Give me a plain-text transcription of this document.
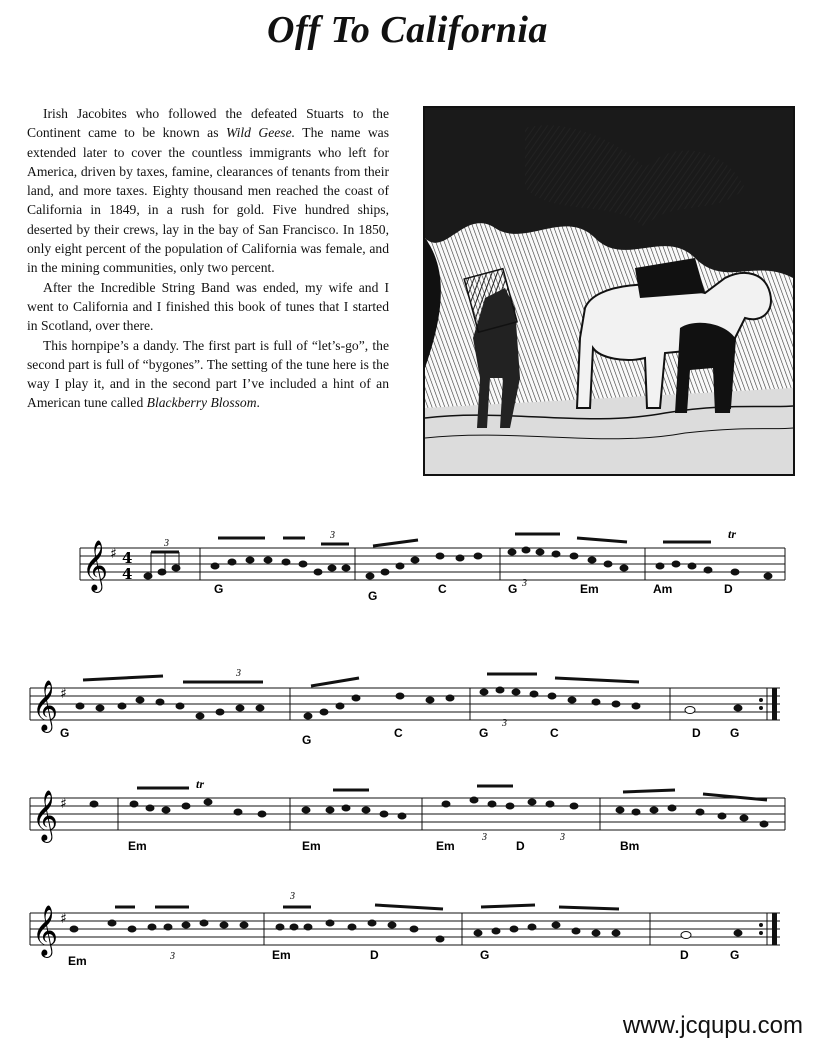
Off To California

Irish Jacobites who followed the defeated Stuarts to the Continent came to be known as Wild Geese. The name was extended later to cover the countless immigrants who left for America, driven by taxes, famine, clearances of tenants from their land, and more taxes. Eighty thousand men reached the coast of California in 1849, in a rush for gold. Five hundred ships, deserted by their crews, lay in the bay of San Francisco. In 1850, only eight percent of the population of California was female, and in the mining communities, only two percent.

After the Incredible String Band was ended, my wife and I went to California and I finished this book of tunes that I started in Scotland, over there.

This hornpipe’s a dandy. The first part is full of “let’s-go”, the second part is full of “bygones”. The setting of the tune here is the way I play it, and in the second part I’ve included a hint of an American tune called Blackberry Blossom.

𝄞 ♯ 4
4
3
3
3
tr
G	G	C	G	Em	Am	D
𝄞 ♯
3
3
G	G	C	G	C	D G
𝄞 ♯
tr
3	3
Em	Em	Em	D	Bm
𝄞 ♯
3
3
Em	Em	D	G	D	G
www.jcqupu.com
